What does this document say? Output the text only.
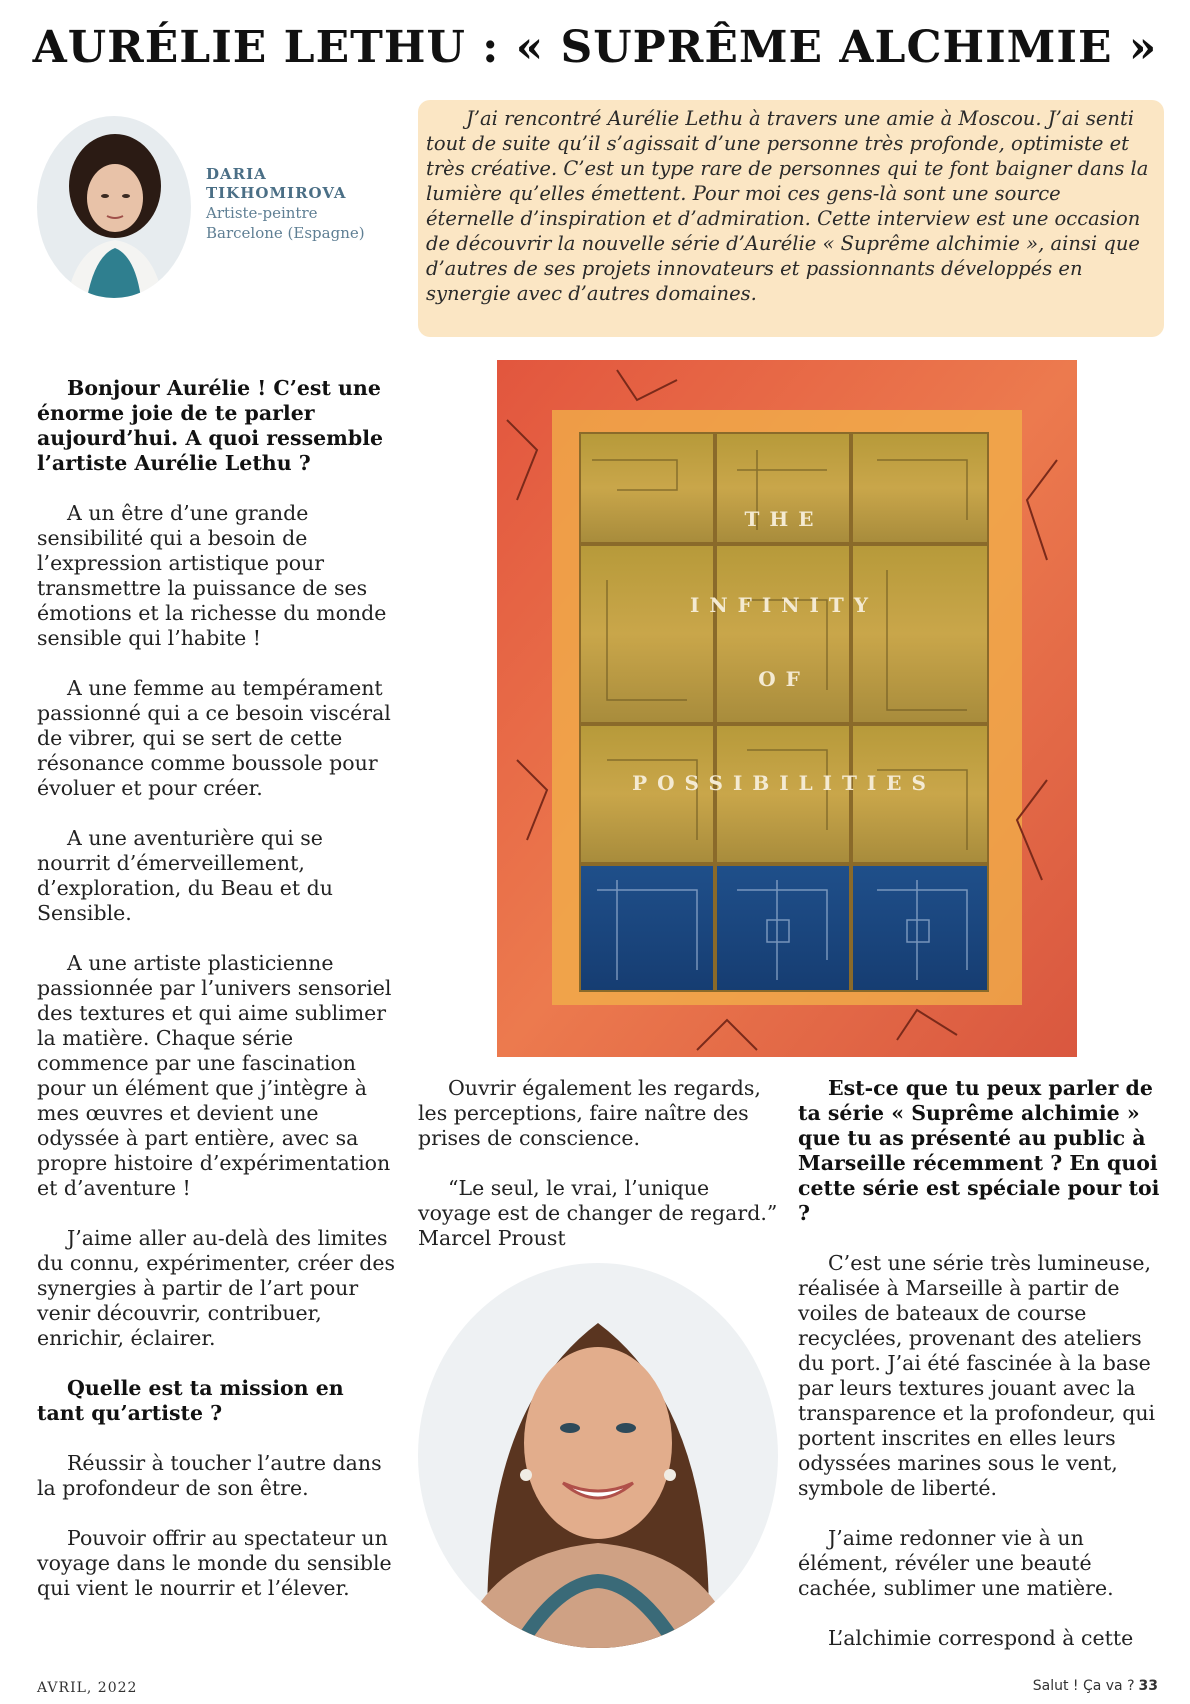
AURÉLIE LETHU : « SUPRÊME ALCHIMIE »
DARIA
TIKHOMIROVA
Artiste-peintre
Barcelone (Espagne)

J’ai rencontré Aurélie Lethu à travers une amie à Moscou. J’ai senti tout de suite qu’il s’agissait d’une personne très profonde, optimiste et très créative. C’est un type rare de personnes qui te font baigner dans la lumière qu’elles émettent. Pour moi ces gens-là sont une source éternelle d’inspiration et d’admiration. Cette interview est une occasion de découvrir la nouvelle série d’Aurélie « Suprême alchimie », ainsi que d’autres de ses projets innovateurs et passionnants développés en synergie avec d’autres domaines.

THE
INFINITY
OF
POSSIBILITIES

Bonjour Aurélie ! C’est une énorme joie de te parler aujourd’hui. A quoi ressemble l’artiste Aurélie Lethu ?

A un être d’une grande sensibilité qui a besoin de l’expression artistique pour transmettre la puissance de ses émotions et la richesse du monde sensible qui l’habite !

A une femme au tempérament passionné qui a ce besoin viscéral de vibrer, qui se sert de cette résonance comme boussole pour évoluer et pour créer.

A une aventurière qui se nourrit d’émerveillement, d’exploration, du Beau et du Sensible.

A une artiste plasticienne passionnée par l’univers sensoriel des textures et qui aime sublimer la matière. Chaque série commence par une fascination pour un élément que j’intègre à mes œuvres et devient une odyssée à part entière, avec sa propre histoire d’expérimentation et d’aventure !

J’aime aller au-delà des limites du connu, expérimenter, créer des synergies à partir de l’art pour venir découvrir, contribuer, enrichir, éclairer.

Quelle est ta mission en tant qu’artiste ?

Réussir à toucher l’autre dans la profondeur de son être.

Pouvoir offrir au spectateur un voyage dans le monde du sensible qui vient le nourrir et l’élever.

Ouvrir également les regards, les perceptions, faire naître des prises de conscience.

“Le seul, le vrai, l’unique voyage est de changer de regard.” Marcel Proust

Est-ce que tu peux parler de ta série « Suprême alchimie » que tu as présenté au public à Marseille récemment ? En quoi cette série est spéciale pour toi ?

C’est une série très lumineuse, réalisée à Marseille à partir de voiles de bateaux de course recyclées, provenant des ateliers du port. J’ai été fascinée à la base par leurs textures jouant avec la transparence et la profondeur, qui portent inscrites en elles leurs odyssées marines sous le vent, symbole de liberté.

J’aime redonner vie à un élément, révéler une beauté cachée, sublimer une matière.

L’alchimie correspond à cette

AVRIL, 2022	Salut ! Ça va ? 33
